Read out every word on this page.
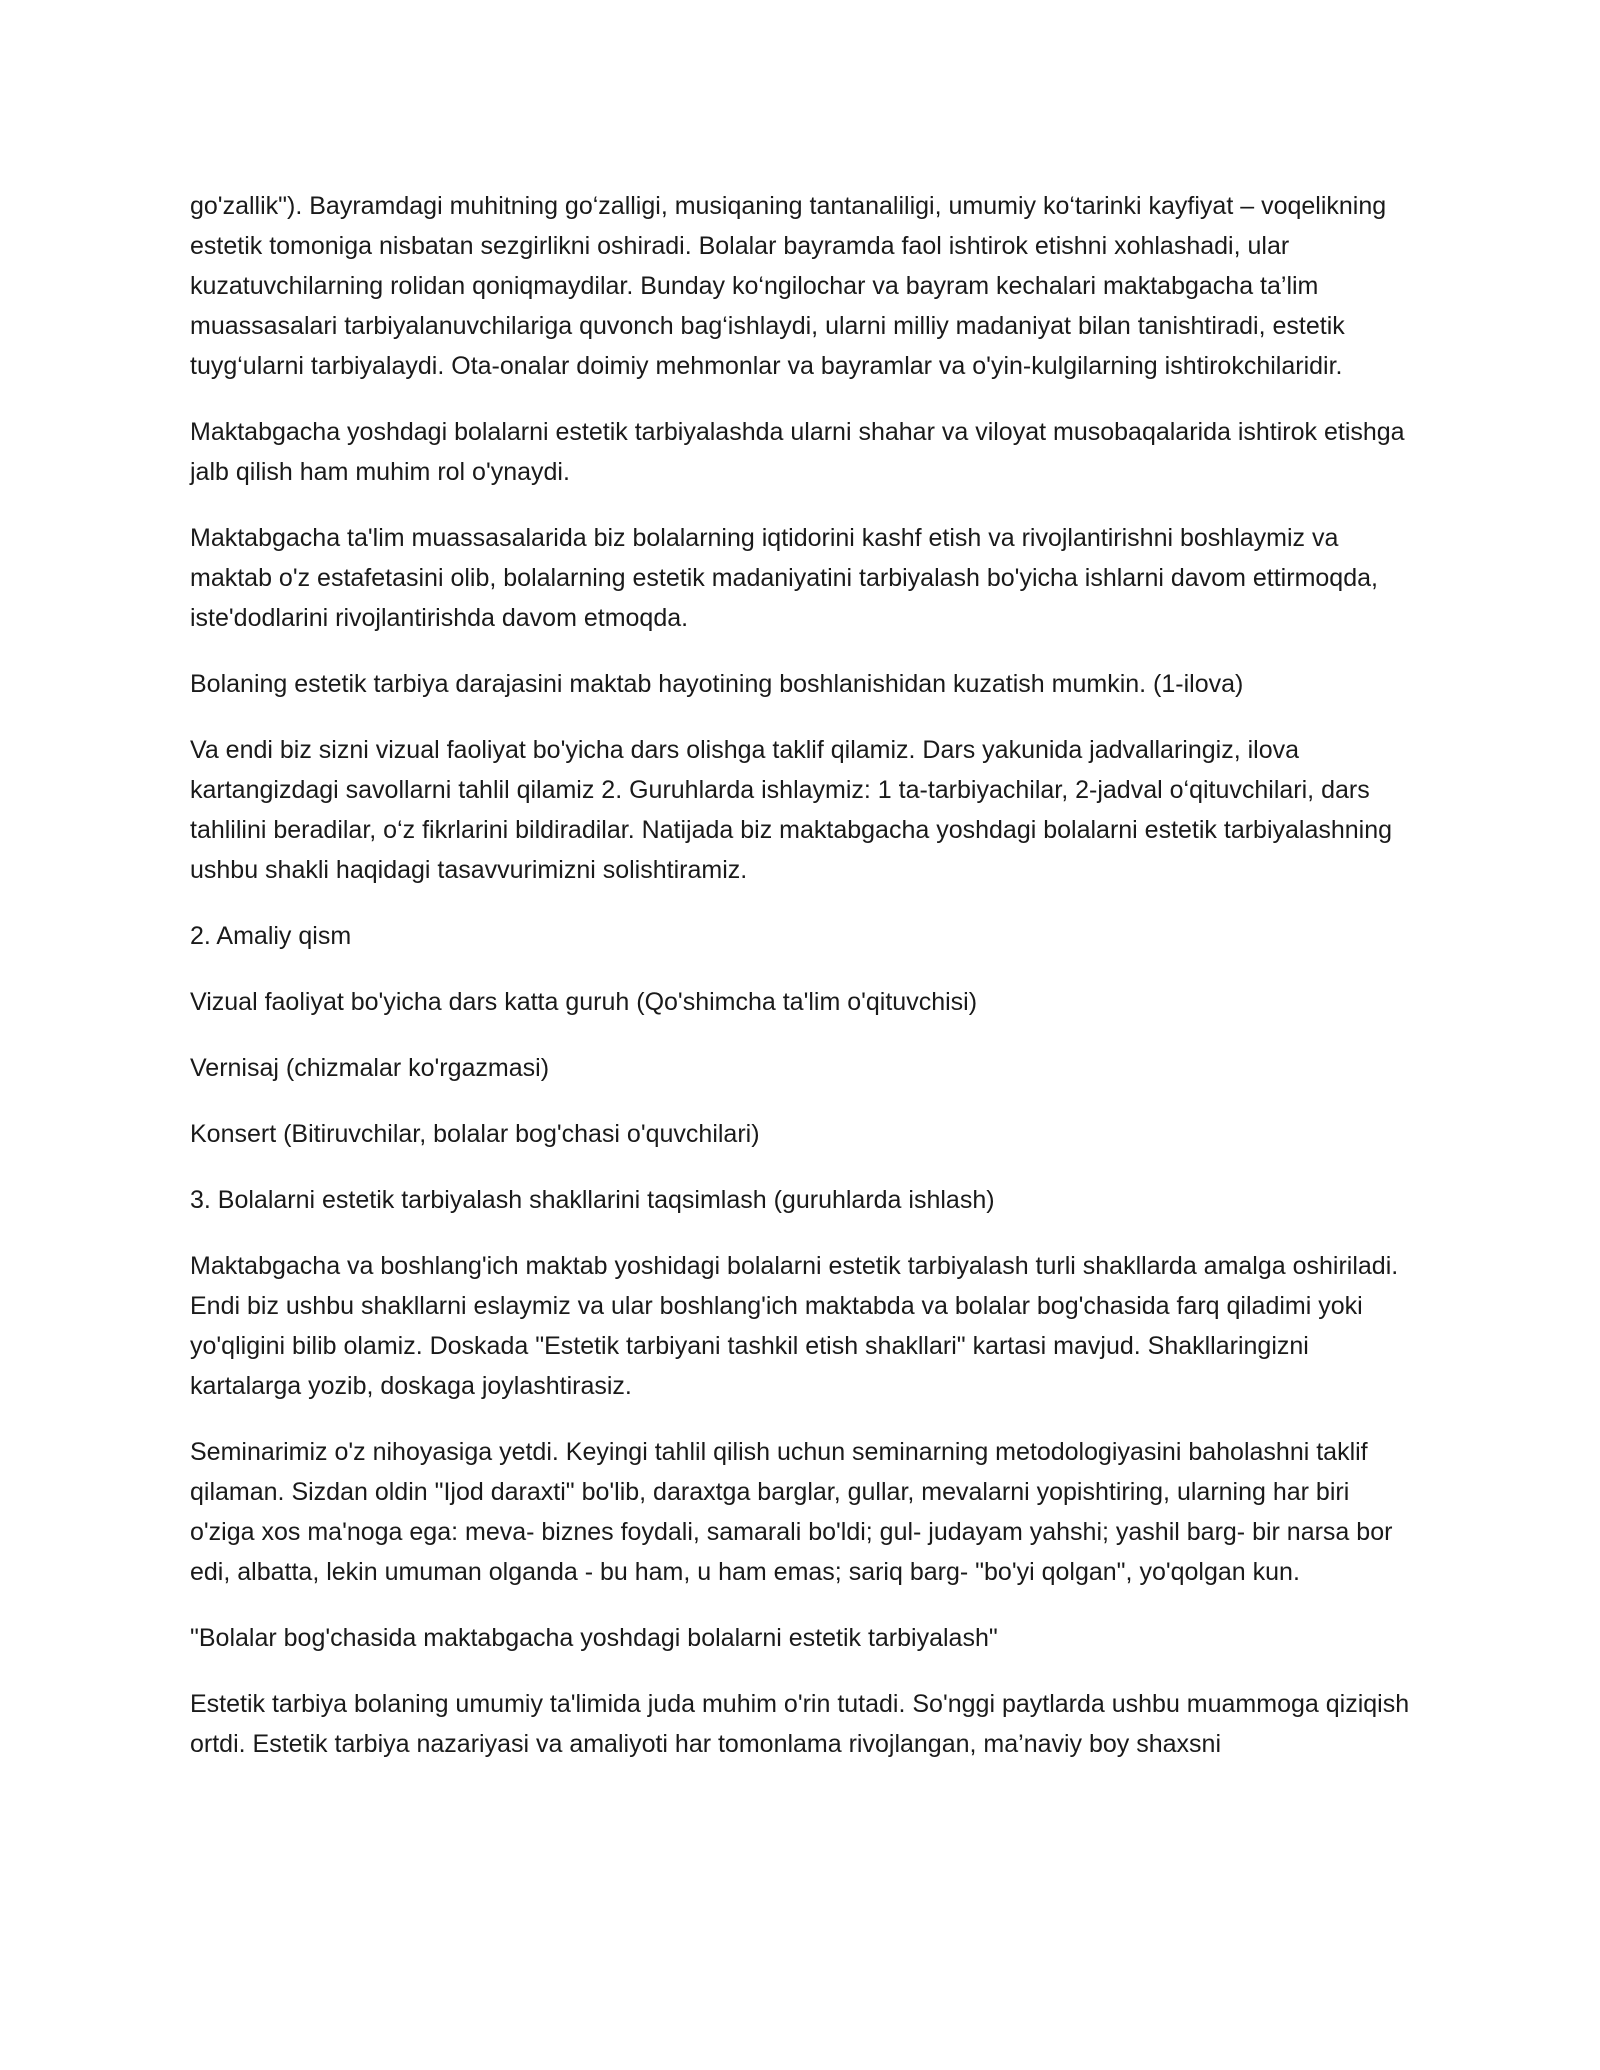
go'zallik"). Bayramdagi muhitning go‘zalligi, musiqaning tantanaliligi, umumiy ko‘tarinki kayfiyat – voqelikning estetik tomoniga nisbatan sezgirlikni oshiradi. Bolalar bayramda faol ishtirok etishni xohlashadi, ular kuzatuvchilarning rolidan qoniqmaydilar. Bunday ko‘ngilochar va bayram kechalari maktabgacha ta’lim muassasalari tarbiyalanuvchilariga quvonch bag‘ishlaydi, ularni milliy madaniyat bilan tanishtiradi, estetik tuyg‘ularni tarbiyalaydi. Ota-onalar doimiy mehmonlar va bayramlar va o'yin-kulgilarning ishtirokchilaridir.

Maktabgacha yoshdagi bolalarni estetik tarbiyalashda ularni shahar va viloyat musobaqalarida ishtirok etishga jalb qilish ham muhim rol o'ynaydi.

Maktabgacha ta'lim muassasalarida biz bolalarning iqtidorini kashf etish va rivojlantirishni boshlaymiz va maktab o'z estafetasini olib, bolalarning estetik madaniyatini tarbiyalash bo'yicha ishlarni davom ettirmoqda, iste'dodlarini rivojlantirishda davom etmoqda.

Bolaning estetik tarbiya darajasini maktab hayotining boshlanishidan kuzatish mumkin. (1-ilova)

Va endi biz sizni vizual faoliyat bo'yicha dars olishga taklif qilamiz. Dars yakunida jadvallaringiz, ilova kartangizdagi savollarni tahlil qilamiz 2. Guruhlarda ishlaymiz: 1 ta-tarbiyachilar, 2-jadval o‘qituvchilari, dars tahlilini beradilar, o‘z fikrlarini bildiradilar. Natijada biz maktabgacha yoshdagi bolalarni estetik tarbiyalashning ushbu shakli haqidagi tasavvurimizni solishtiramiz.

2. Amaliy qism

Vizual faoliyat bo'yicha dars katta guruh (Qo'shimcha ta'lim o'qituvchisi)

Vernisaj (chizmalar ko'rgazmasi)

Konsert (Bitiruvchilar, bolalar bog'chasi o'quvchilari)

3. Bolalarni estetik tarbiyalash shakllarini taqsimlash (guruhlarda ishlash)

Maktabgacha va boshlang'ich maktab yoshidagi bolalarni estetik tarbiyalash turli shakllarda amalga oshiriladi. Endi biz ushbu shakllarni eslaymiz va ular boshlang'ich maktabda va bolalar bog'chasida farq qiladimi yoki yo'qligini bilib olamiz. Doskada "Estetik tarbiyani tashkil etish shakllari" kartasi mavjud. Shakllaringizni kartalarga yozib, doskaga joylashtirasiz.

Seminarimiz o'z nihoyasiga yetdi. Keyingi tahlil qilish uchun seminarning metodologiyasini baholashni taklif qilaman. Sizdan oldin "Ijod daraxti" bo'lib, daraxtga barglar, gullar, mevalarni yopishtiring, ularning har biri o'ziga xos ma'noga ega: meva- biznes foydali, samarali bo'ldi; gul- judayam yahshi; yashil barg- bir narsa bor edi, albatta, lekin umuman olganda - bu ham, u ham emas; sariq barg- "bo'yi qolgan", yo'qolgan kun.

"Bolalar bog'chasida maktabgacha yoshdagi bolalarni estetik tarbiyalash"

Estetik tarbiya bolaning umumiy ta'limida juda muhim o'rin tutadi. So'nggi paytlarda ushbu muammoga qiziqish ortdi. Estetik tarbiya nazariyasi va amaliyoti har tomonlama rivojlangan, ma’naviy boy shaxsni
